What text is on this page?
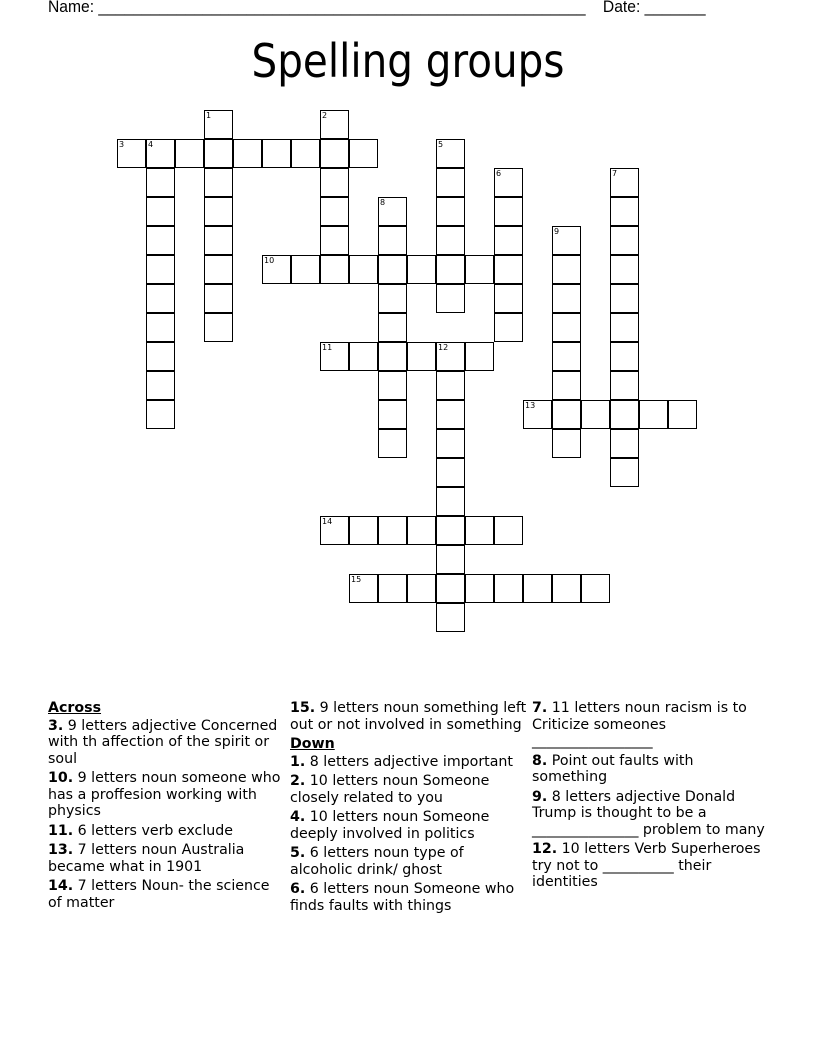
Name: ________________________________________________________ Date: _______
Spelling groups
1	2
3	4	5
6	7
8
9
10
11	12
13
14
15
Across
3. 9 letters adjective Concerned with th affection of the spirit or soul
10. 9 letters noun someone who has a proffesion working with physics
11. 6 letters verb exclude
13. 7 letters noun Australia became what in 1901
14. 7 letters Noun- the science of matter
15. 9 letters noun something left out or not involved in something
Down
1. 8 letters adjective important
2. 10 letters noun Someone closely related to you
4. 10 letters noun Someone deeply involved in politics
5. 6 letters noun type of alcoholic drink/ ghost
6. 6 letters noun Someone who finds faults with things
7. 11 letters noun racism is to Criticize someones _________________
8. Point out faults with something
9. 8 letters adjective Donald Trump is thought to be a _______________ problem to many
12. 10 letters Verb Superheroes try not to __________ their identities
